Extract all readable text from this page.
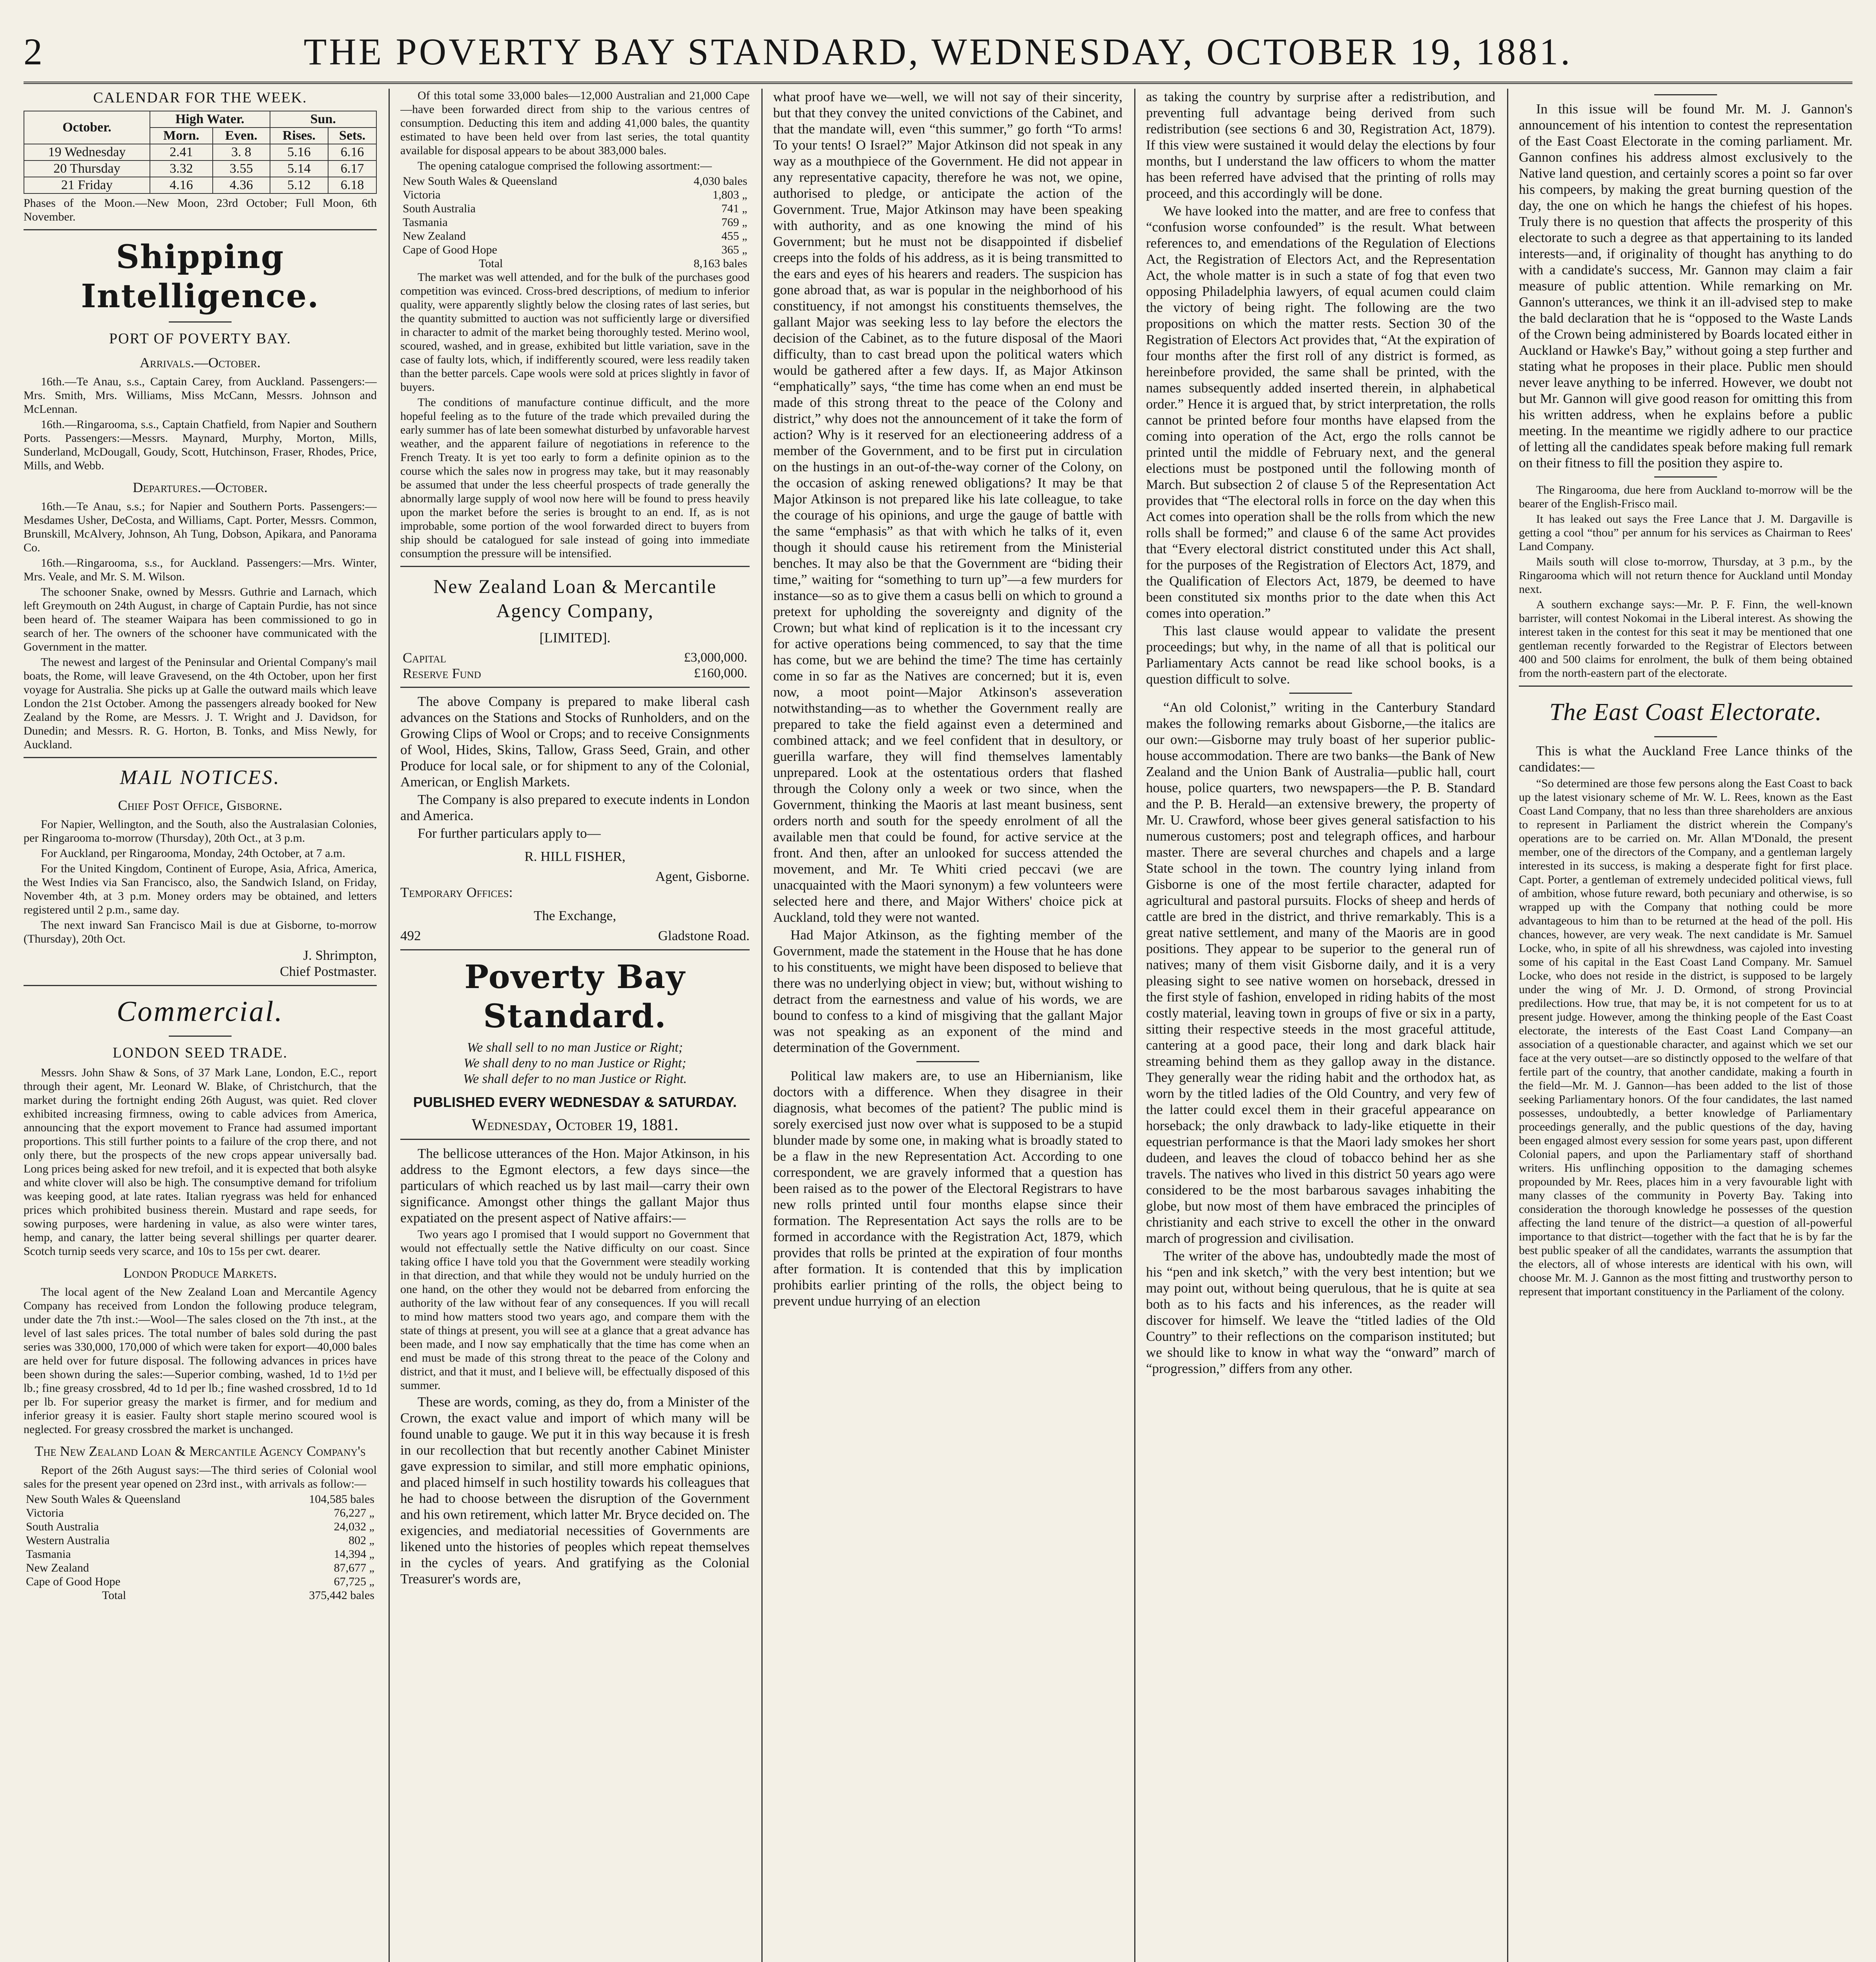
2	THE POVERTY BAY STANDARD, WEDNESDAY, OCTOBER 19, 1881.
CALENDAR FOR THE WEEK.
October.	High Water.		Sun.	
	Morn.	Even.	Rises.	Sets.
19 Wednesday	2.41	3. 8	5.16	6.16
20 Thursday	3.32	3.55	5.14	6.17
21 Friday	4.16	4.36	5.12	6.18

Phases of the Moon.—New Moon, 23rd October; Full Moon, 6th November.

Shipping Intelligence.
PORT OF POVERTY BAY.
Arrivals.—October.

16th.—Te Anau, s.s., Captain Carey, from Auckland. Passengers:—Mrs. Smith, Mrs. Williams, Miss McCann, Messrs. Johnson and McLennan.

16th.—Ringarooma, s.s., Captain Chatfield, from Napier and Southern Ports. Passengers:—Messrs. Maynard, Murphy, Morton, Mills, Sunderland, McDougall, Goudy, Scott, Hutchinson, Fraser, Rhodes, Price, Mills, and Webb.

Departures.—October.

16th.—Te Anau, s.s.; for Napier and Southern Ports. Passengers:—Mesdames Usher, DeCosta, and Williams, Capt. Porter, Messrs. Common, Brunskill, McAlvery, Johnson, Ah Tung, Dobson, Apikara, and Panorama Co.

16th.—Ringarooma, s.s., for Auckland. Passengers:—Mrs. Winter, Mrs. Veale, and Mr. S. M. Wilson.

The schooner Snake, owned by Messrs. Guthrie and Larnach, which left Greymouth on 24th August, in charge of Captain Purdie, has not since been heard of. The steamer Waipara has been commissioned to go in search of her. The owners of the schooner have communicated with the Government in the matter.

The newest and largest of the Peninsular and Oriental Company's mail boats, the Rome, will leave Gravesend, on the 4th October, upon her first voyage for Australia. She picks up at Galle the outward mails which leave London the 21st October. Among the passengers already booked for New Zealand by the Rome, are Messrs. J. T. Wright and J. Davidson, for Dunedin; and Messrs. R. G. Horton, B. Tonks, and Miss Newly, for Auckland.

MAIL NOTICES.
Chief Post Office, Gisborne.

For Napier, Wellington, and the South, also the Australasian Colonies, per Ringarooma to-morrow (Thursday), 20th Oct., at 3 p.m.

For Auckland, per Ringarooma, Monday, 24th October, at 7 a.m.

For the United Kingdom, Continent of Europe, Asia, Africa, America, the West Indies via San Francisco, also, the Sandwich Island, on Friday, November 4th, at 3 p.m. Money orders may be obtained, and letters registered until 2 p.m., same day.

The next inward San Francisco Mail is due at Gisborne, to-morrow (Thursday), 20th Oct.

J. Shrimpton,
Chief Postmaster.
Commercial.
LONDON SEED TRADE.

Messrs. John Shaw & Sons, of 37 Mark Lane, London, E.C., report through their agent, Mr. Leonard W. Blake, of Christchurch, that the market during the fortnight ending 26th August, was quiet. Red clover exhibited increasing firmness, owing to cable advices from America, announcing that the export movement to France had assumed important proportions. This still further points to a failure of the crop there, and not only there, but the prospects of the new crops appear universally bad. Long prices being asked for new trefoil, and it is expected that both alsyke and white clover will also be high. The consumptive demand for trifolium was keeping good, at late rates. Italian ryegrass was held for enhanced prices which prohibited business therein. Mustard and rape seeds, for sowing purposes, were hardening in value, as also were winter tares, hemp, and canary, the latter being several shillings per quarter dearer. Scotch turnip seeds very scarce, and 10s to 15s per cwt. dearer.

London Produce Markets.

The local agent of the New Zealand Loan and Mercantile Agency Company has received from London the following produce telegram, under date the 7th inst.:—Wool—The sales closed on the 7th inst., at the level of last sales prices. The total number of bales sold during the past series was 330,000, 170,000 of which were taken for export—40,000 bales are held over for future disposal. The following advances in prices have been shown during the sales:—Superior combing, washed, 1d to 1½d per lb.; fine greasy crossbred, 4d to 1d per lb.; fine washed crossbred, 1d to 1d per lb. For superior greasy the market is firmer, and for medium and inferior greasy it is easier. Faulty short staple merino scoured wool is neglected. For greasy crossbred the market is unchanged.

The New Zealand Loan & Mercantile Agency Company's

Report of the 26th August says:—The third series of Colonial wool sales for the present year opened on 23rd inst., with arrivals as follow:—

New South Wales & Queensland	104,585 bales
Victoria	76,227 „
South Australia	24,032 „
Western Australia	802 „
Tasmania	14,394 „
New Zealand	87,677 „
Cape of Good Hope	67,725 „
Total	375,442 bales

Of this total some 33,000 bales—12,000 Australian and 21,000 Cape—have been forwarded direct from ship to the various centres of consumption. Deducting this item and adding 41,000 bales, the quantity estimated to have been held over from last series, the total quantity available for disposal appears to be about 383,000 bales.

The opening catalogue comprised the following assortment:—

New South Wales & Queensland	4,030 bales
Victoria	1,803 „
South Australia	741 „
Tasmania	769 „
New Zealand	455 „
Cape of Good Hope	365 „
Total	8,163 bales

The market was well attended, and for the bulk of the purchases good competition was evinced. Cross-bred descriptions, of medium to inferior quality, were apparently slightly below the closing rates of last series, but the quantity submitted to auction was not sufficiently large or diversified in character to admit of the market being thoroughly tested. Merino wool, scoured, washed, and in grease, exhibited but little variation, save in the case of faulty lots, which, if indifferently scoured, were less readily taken than the better parcels. Cape wools were sold at prices slightly in favor of buyers.

The conditions of manufacture continue difficult, and the more hopeful feeling as to the future of the trade which prevailed during the early summer has of late been somewhat disturbed by unfavorable harvest weather, and the apparent failure of negotiations in reference to the French Treaty. It is yet too early to form a definite opinion as to the course which the sales now in progress may take, but it may reasonably be assumed that under the less cheerful prospects of trade generally the abnormally large supply of wool now here will be found to press heavily upon the market before the series is brought to an end. If, as is not improbable, some portion of the wool forwarded direct to buyers from ship should be catalogued for sale instead of going into immediate consumption the pressure will be intensified.

New Zealand Loan & Mercantile Agency Company,
[LIMITED].
Capital	£3,000,000.
Reserve Fund	£160,000.

The above Company is prepared to make liberal cash advances on the Stations and Stocks of Runholders, and on the Growing Clips of Wool or Crops; and to receive Consignments of Wool, Hides, Skins, Tallow, Grass Seed, Grain, and other Produce for local sale, or for shipment to any of the Colonial, American, or English Markets.

The Company is also prepared to execute indents in London and America.

For further particulars apply to—

R. HILL FISHER,
Agent, Gisborne.
Temporary Offices:
The Exchange,
492	Gladstone Road.
Poverty Bay Standard.
We shall sell to no man Justice or Right;
We shall deny to no man Justice or Right;
We shall defer to no man Justice or Right.
PUBLISHED EVERY WEDNESDAY & SATURDAY.
Wednesday, October 19, 1881.

The bellicose utterances of the Hon. Major Atkinson, in his address to the Egmont electors, a few days since—the particulars of which reached us by last mail—carry their own significance. Amongst other things the gallant Major thus expatiated on the present aspect of Native affairs:—

Two years ago I promised that I would support no Government that would not effectually settle the Native difficulty on our coast. Since taking office I have told you that the Government were steadily working in that direction, and that while they would not be unduly hurried on the one hand, on the other they would not be debarred from enforcing the authority of the law without fear of any consequences. If you will recall to mind how matters stood two years ago, and compare them with the state of things at present, you will see at a glance that a great advance has been made, and I now say emphatically that the time has come when an end must be made of this strong threat to the peace of the Colony and district, and that it must, and I believe will, be effectually disposed of this summer.

These are words, coming, as they do, from a Minister of the Crown, the exact value and import of which many will be found unable to gauge. We put it in this way because it is fresh in our recollection that but recently another Cabinet Minister gave expression to similar, and still more emphatic opinions, and placed himself in such hostility towards his colleagues that he had to choose between the disruption of the Government and his own retirement, which latter Mr. Bryce decided on. The exigencies, and mediatorial necessities of Governments are likened unto the histories of peoples which repeat themselves in the cycles of years. And gratifying as the Colonial Treasurer's words are,

what proof have we—well, we will not say of their sincerity, but that they convey the united convictions of the Cabinet, and that the mandate will, even “this summer,” go forth “To arms! To your tents! O Israel?” Major Atkinson did not speak in any way as a mouthpiece of the Government. He did not appear in any representative capacity, therefore he was not, we opine, authorised to pledge, or anticipate the action of the Government. True, Major Atkinson may have been speaking with authority, and as one knowing the mind of his Government; but he must not be disappointed if disbelief creeps into the folds of his address, as it is being transmitted to the ears and eyes of his hearers and readers. The suspicion has gone abroad that, as war is popular in the neighborhood of his constituency, if not amongst his constituents themselves, the gallant Major was seeking less to lay before the electors the decision of the Cabinet, as to the future disposal of the Maori difficulty, than to cast bread upon the political waters which would be gathered after a few days. If, as Major Atkinson “emphatically” says, “the time has come when an end must be made of this strong threat to the peace of the Colony and district,” why does not the announcement of it take the form of action? Why is it reserved for an electioneering address of a member of the Government, and to be first put in circulation on the hustings in an out-of-the-way corner of the Colony, on the occasion of asking renewed obligations? It may be that Major Atkinson is not prepared like his late colleague, to take the courage of his opinions, and urge the gauge of battle with the same “emphasis” as that with which he talks of it, even though it should cause his retirement from the Ministerial benches. It may also be that the Government are “biding their time,” waiting for “something to turn up”—a few murders for instance—so as to give them a casus belli on which to ground a pretext for upholding the sovereignty and dignity of the Crown; but what kind of replication is it to the incessant cry for active operations being commenced, to say that the time has come, but we are behind the time? The time has certainly come in so far as the Natives are concerned; but it is, even now, a moot point—Major Atkinson's asseveration notwithstanding—as to whether the Government really are prepared to take the field against even a determined and combined attack; and we feel confident that in desultory, or guerilla warfare, they will find themselves lamentably unprepared. Look at the ostentatious orders that flashed through the Colony only a week or two since, when the Government, thinking the Maoris at last meant business, sent orders north and south for the speedy enrolment of all the available men that could be found, for active service at the front. And then, after an unlooked for success attended the movement, and Mr. Te Whiti cried peccavi (we are unacquainted with the Maori synonym) a few volunteers were selected here and there, and Major Withers' choice pick at Auckland, told they were not wanted.

Had Major Atkinson, as the fighting member of the Government, made the statement in the House that he has done to his constituents, we might have been disposed to believe that there was no underlying object in view; but, without wishing to detract from the earnestness and value of his words, we are bound to confess to a kind of misgiving that the gallant Major was not speaking as an exponent of the mind and determination of the Government.

Political law makers are, to use an Hibernianism, like doctors with a difference. When they disagree in their diagnosis, what becomes of the patient? The public mind is sorely exercised just now over what is supposed to be a stupid blunder made by some one, in making what is broadly stated to be a flaw in the new Representation Act. According to one correspondent, we are gravely informed that a question has been raised as to the power of the Electoral Registrars to have new rolls printed until four months elapse since their formation. The Representation Act says the rolls are to be formed in accordance with the Registration Act, 1879, which provides that rolls be printed at the expiration of four months after formation. It is contended that this by implication prohibits earlier printing of the rolls, the object being to prevent undue hurrying of an election

as taking the country by surprise after a redistribution, and preventing full advantage being derived from such redistribution (see sections 6 and 30, Registration Act, 1879). If this view were sustained it would delay the elections by four months, but I understand the law officers to whom the matter has been referred have advised that the printing of rolls may proceed, and this accordingly will be done.

We have looked into the matter, and are free to confess that “confusion worse confounded” is the result. What between references to, and emendations of the Regulation of Elections Act, the Registration of Electors Act, and the Representation Act, the whole matter is in such a state of fog that even two opposing Philadelphia lawyers, of equal acumen could claim the victory of being right. The following are the two propositions on which the matter rests. Section 30 of the Registration of Electors Act provides that, “At the expiration of four months after the first roll of any district is formed, as hereinbefore provided, the same shall be printed, with the names subsequently added inserted therein, in alphabetical order.” Hence it is argued that, by strict interpretation, the rolls cannot be printed before four months have elapsed from the coming into operation of the Act, ergo the rolls cannot be printed until the middle of February next, and the general elections must be postponed until the following month of March. But subsection 2 of clause 5 of the Representation Act provides that “The electoral rolls in force on the day when this Act comes into operation shall be the rolls from which the new rolls shall be formed;” and clause 6 of the same Act provides that “Every electoral district constituted under this Act shall, for the purposes of the Registration of Electors Act, 1879, and the Qualification of Electors Act, 1879, be deemed to have been constituted six months prior to the date when this Act comes into operation.”

This last clause would appear to validate the present proceedings; but why, in the name of all that is political our Parliamentary Acts cannot be read like school books, is a question difficult to solve.

“An old Colonist,” writing in the Canterbury Standard makes the following remarks about Gisborne,—the italics are our own:—Gisborne may truly boast of her superior public-house accommodation. There are two banks—the Bank of New Zealand and the Union Bank of Australia—public hall, court house, police quarters, two newspapers—the P. B. Standard and the P. B. Herald—an extensive brewery, the property of Mr. U. Crawford, whose beer gives general satisfaction to his numerous customers; post and telegraph offices, and harbour master. There are several churches and chapels and a large State school in the town. The country lying inland from Gisborne is one of the most fertile character, adapted for agricultural and pastoral pursuits. Flocks of sheep and herds of cattle are bred in the district, and thrive remarkably. This is a great native settlement, and many of the Maoris are in good positions. They appear to be superior to the general run of natives; many of them visit Gisborne daily, and it is a very pleasing sight to see native women on horseback, dressed in the first style of fashion, enveloped in riding habits of the most costly material, leaving town in groups of five or six in a party, sitting their respective steeds in the most graceful attitude, cantering at a good pace, their long and dark black hair streaming behind them as they gallop away in the distance. They generally wear the riding habit and the orthodox hat, as worn by the titled ladies of the Old Country, and very few of the latter could excel them in their graceful appearance on horseback; the only drawback to lady-like etiquette in their equestrian performance is that the Maori lady smokes her short dudeen, and leaves the cloud of tobacco behind her as she travels. The natives who lived in this district 50 years ago were considered to be the most barbarous savages inhabiting the globe, but now most of them have embraced the principles of christianity and each strive to excell the other in the onward march of progression and civilisation.

The writer of the above has, undoubtedly made the most of his “pen and ink sketch,” with the very best intention; but we may point out, without being querulous, that he is quite at sea both as to his facts and his inferences, as the reader will discover for himself. We leave the “titled ladies of the Old Country” to their reflections on the comparison instituted; but we should like to know in what way the “onward” march of “progression,” differs from any other.

In this issue will be found Mr. M. J. Gannon's announcement of his intention to contest the representation of the East Coast Electorate in the coming parliament. Mr. Gannon confines his address almost exclusively to the Native land question, and certainly scores a point so far over his compeers, by making the great burning question of the day, the one on which he hangs the chiefest of his hopes. Truly there is no question that affects the prosperity of this electorate to such a degree as that appertaining to its landed interests—and, if originality of thought has anything to do with a candidate's success, Mr. Gannon may claim a fair measure of public attention. While remarking on Mr. Gannon's utterances, we think it an ill-advised step to make the bald declaration that he is “opposed to the Waste Lands of the Crown being administered by Boards located either in Auckland or Hawke's Bay,” without going a step further and stating what he proposes in their place. Public men should never leave anything to be inferred. However, we doubt not but Mr. Gannon will give good reason for omitting this from his written address, when he explains before a public meeting. In the meantime we rigidly adhere to our practice of letting all the candidates speak before making full remark on their fitness to fill the position they aspire to.

The Ringarooma, due here from Auckland to-morrow will be the bearer of the English-Frisco mail.

It has leaked out says the Free Lance that J. M. Dargaville is getting a cool “thou” per annum for his services as Chairman to Rees' Land Company.

Mails south will close to-morrow, Thursday, at 3 p.m., by the Ringarooma which will not return thence for Auckland until Monday next.

A southern exchange says:—Mr. P. F. Finn, the well-known barrister, will contest Nokomai in the Liberal interest. As showing the interest taken in the contest for this seat it may be mentioned that one gentleman recently forwarded to the Registrar of Electors between 400 and 500 claims for enrolment, the bulk of them being obtained from the north-eastern part of the electorate.

The East Coast Electorate.

This is what the Auckland Free Lance thinks of the candidates:—

“So determined are those few persons along the East Coast to back up the latest visionary scheme of Mr. W. L. Rees, known as the East Coast Land Company, that no less than three shareholders are anxious to represent in Parliament the district wherein the Company's operations are to be carried on. Mr. Allan M'Donald, the present member, one of the directors of the Company, and a gentleman largely interested in its success, is making a desperate fight for first place. Capt. Porter, a gentleman of extremely undecided political views, full of ambition, whose future reward, both pecuniary and otherwise, is so wrapped up with the Company that nothing could be more advantageous to him than to be returned at the head of the poll. His chances, however, are very weak. The next candidate is Mr. Samuel Locke, who, in spite of all his shrewdness, was cajoled into investing some of his capital in the East Coast Land Company. Mr. Samuel Locke, who does not reside in the district, is supposed to be largely under the wing of Mr. J. D. Ormond, of strong Provincial predilections. How true, that may be, it is not competent for us to at present judge. However, among the thinking people of the East Coast electorate, the interests of the East Coast Land Company—an association of a questionable character, and against which we set our face at the very outset—are so distinctly opposed to the welfare of that fertile part of the country, that another candidate, making a fourth in the field—Mr. M. J. Gannon—has been added to the list of those seeking Parliamentary honors. Of the four candidates, the last named possesses, undoubtedly, a better knowledge of Parliamentary proceedings generally, and the public questions of the day, having been engaged almost every session for some years past, upon different Colonial papers, and upon the Parliamentary staff of shorthand writers. His unflinching opposition to the damaging schemes propounded by Mr. Rees, places him in a very favourable light with many classes of the community in Poverty Bay. Taking into consideration the thorough knowledge he possesses of the question affecting the land tenure of the district—a question of all-powerful importance to that district—together with the fact that he is by far the best public speaker of all the candidates, warrants the assumption that the electors, all of whose interests are identical with his own, will choose Mr. M. J. Gannon as the most fitting and trustworthy person to represent that important constituency in the Parliament of the colony.
